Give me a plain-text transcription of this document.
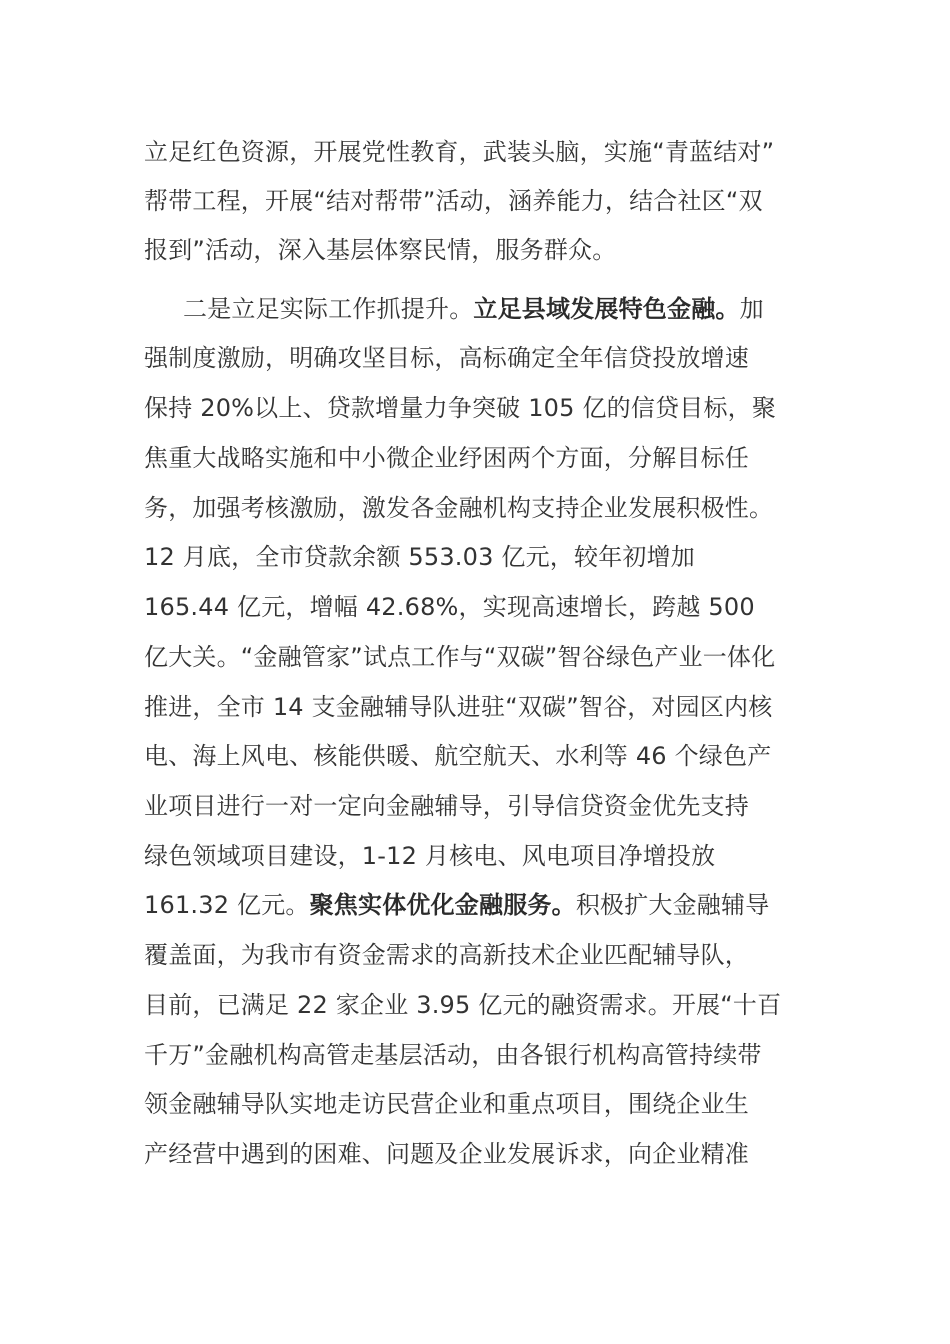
立足红色资源，开展党性教育，武装头脑，实施“青蓝结对”
帮带工程，开展“结对帮带”活动，涵养能力，结合社区“双
报到”活动，深入基层体察民情，服务群众。
二是立足实际工作抓提升。立足县域发展特色金融。加
强制度激励，明确攻坚目标，高标确定全年信贷投放增速
保持 20%以上、贷款增量力争突破 105 亿的信贷目标，聚
焦重大战略实施和中小微企业纾困两个方面，分解目标任
务，加强考核激励，激发各金融机构支持企业发展积极性。
12 月底，全市贷款余额 553.03 亿元，较年初增加
165.44 亿元，增幅 42.68%，实现高速增长，跨越 500
亿大关。“金融管家”试点工作与“双碳”智谷绿色产业一体化
推进，全市 14 支金融辅导队进驻“双碳”智谷，对园区内核
电、海上风电、核能供暖、航空航天、水利等 46 个绿色产
业项目进行一对一定向金融辅导，引导信贷资金优先支持
绿色领域项目建设，1-12 月核电、风电项目净增投放
161.32 亿元。聚焦实体优化金融服务。积极扩大金融辅导
覆盖面，为我市有资金需求的高新技术企业匹配辅导队，
目前，已满足 22 家企业 3.95 亿元的融资需求。开展“十百
千万”金融机构高管走基层活动，由各银行机构高管持续带
领金融辅导队实地走访民营企业和重点项目，围绕企业生
产经营中遇到的困难、问题及企业发展诉求，向企业精准
